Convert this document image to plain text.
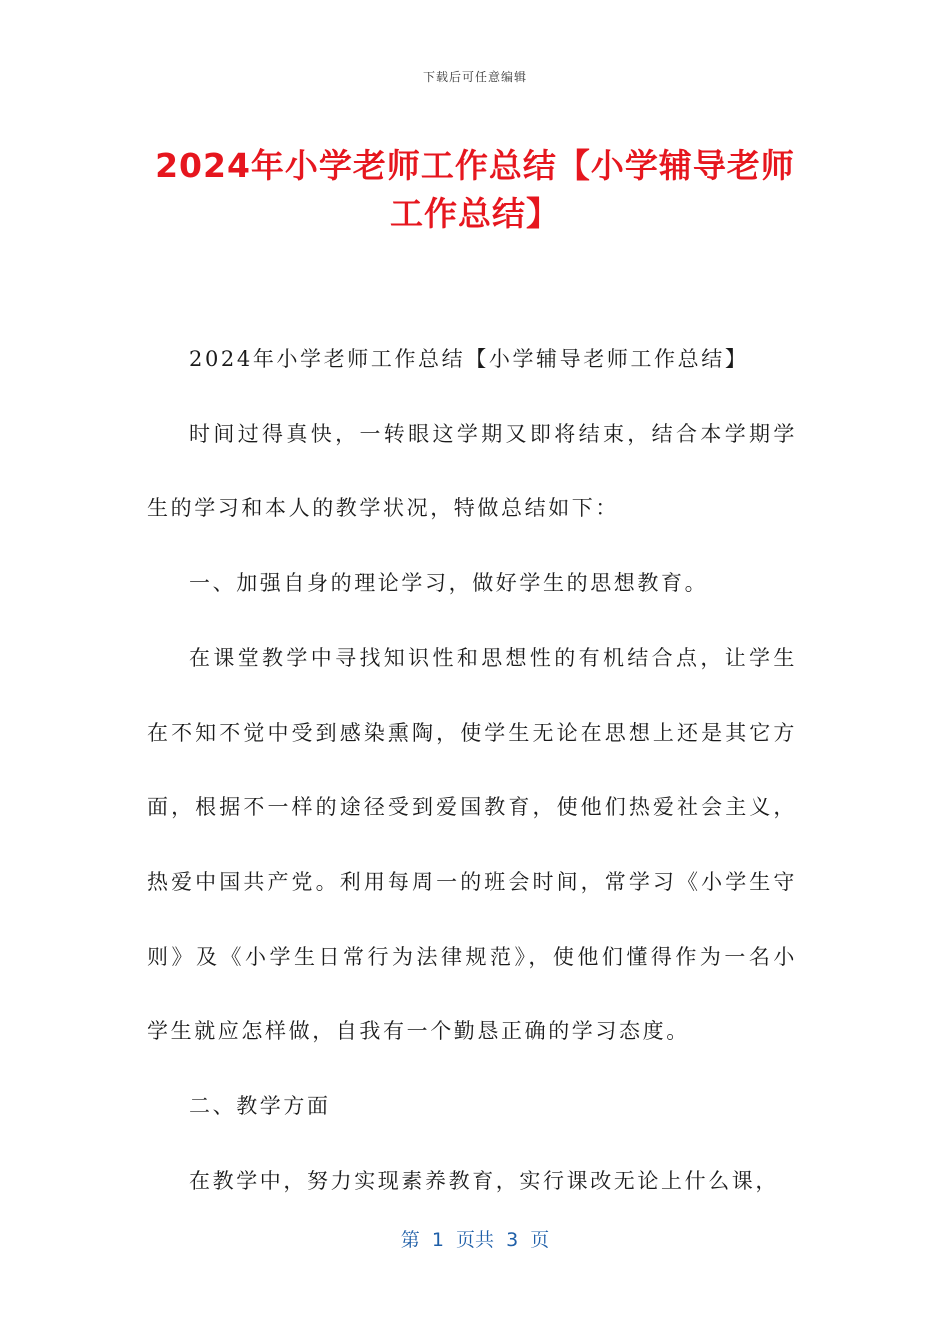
下载后可任意编辑
2024年小学老师工作总结【小学辅导老师工作总结】

2024年小学老师工作总结【小学辅导老师工作总结】

时间过得真快，一转眼这学期又即将结束，结合本学期学生的学习和本人的教学状况，特做总结如下：

一、加强自身的理论学习，做好学生的思想教育。

在课堂教学中寻找知识性和思想性的有机结合点，让学生在不知不觉中受到感染熏陶，使学生无论在思想上还是其它方面，根据不一样的途径受到爱国教育，使他们热爱社会主义，热爱中国共产党。利用每周一的班会时间，常学习《小学生守则》及《小学生日常行为法律规范》，使他们懂得作为一名小学生就应怎样做，自我有一个勤恳正确的学习态度。

二、教学方面

在教学中，努力实现素养教育，实行课改无论上什么课，

第  1  页共  3  页
